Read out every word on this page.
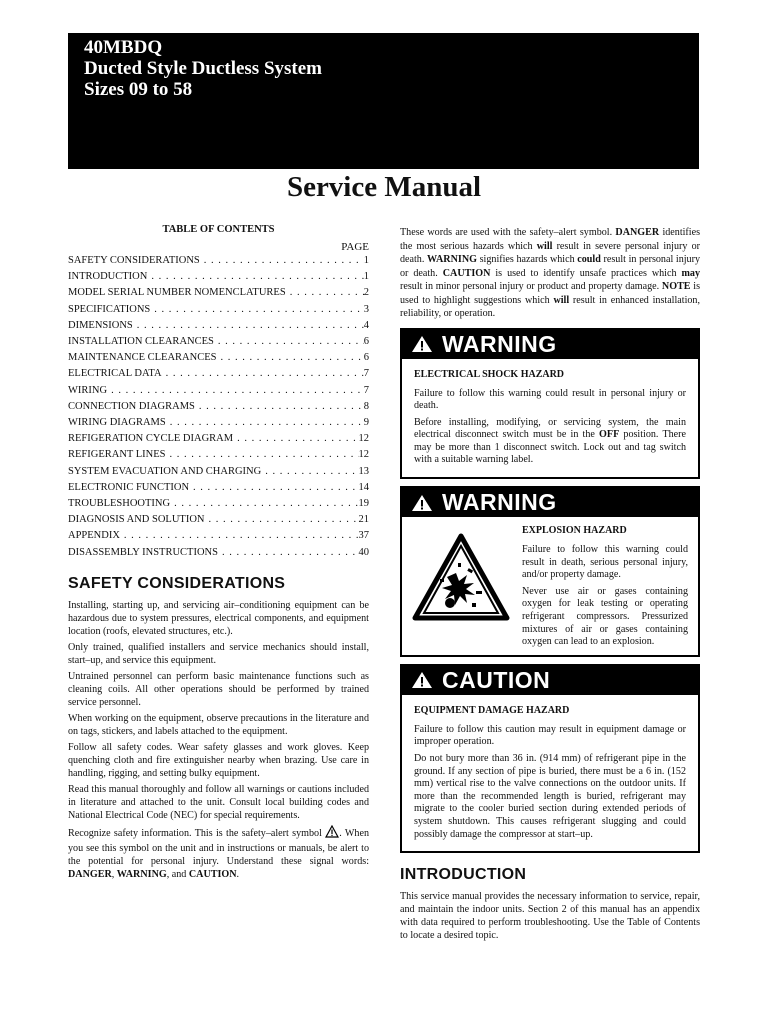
40MBDQ
Ducted Style Ductless System
Sizes 09 to 58
Service Manual
TABLE OF CONTENTS
PAGE
SAFETY CONSIDERATIONS . . .	1
INTRODUCTION . . .	1
MODEL SERIAL NUMBER NOMENCLATURES . . .	2
SPECIFICATIONS . . .	3
DIMENSIONS . . .	4
INSTALLATION CLEARANCES . . .	6
MAINTENANCE CLEARANCES . . .	6
ELECTRICAL DATA . . .	7
WIRING . . .	7
CONNECTION DIAGRAMS . . .	8
WIRING DIAGRAMS . . .	9
REFIGERATION CYCLE DIAGRAM . . .	12
REFIGERANT LINES . . .	12
SYSTEM EVACUATION AND CHARGING . . .	13
ELECTRONIC FUNCTION . . .	14
TROUBLESHOOTING . . .	19
DIAGNOSIS AND SOLUTION . . .	21
APPENDIX . . .	37
DISASSEMBLY INSTRUCTIONS . . .	40
SAFETY CONSIDERATIONS

Installing, starting up, and servicing air–conditioning equipment can be hazardous due to system pressures, electrical components, and equipment location (roofs, elevated structures, etc.).

Only trained, qualified installers and service mechanics should install, start–up, and service this equipment.

Untrained personnel can perform basic maintenance functions such as cleaning coils. All other operations should be performed by trained service personnel.

When working on the equipment, observe precautions in the literature and on tags, stickers, and labels attached to the equipment.

Follow all safety codes. Wear safety glasses and work gloves. Keep quenching cloth and fire extinguisher nearby when brazing. Use care in handling, rigging, and setting bulky equipment.

Read this manual thoroughly and follow all warnings or cautions included in literature and attached to the unit. Consult local building codes and National Electrical Code (NEC) for special requirements.

Recognize safety information. This is the safety–alert symbol . When you see this symbol on the unit and in instructions or manuals, be alert to the potential for personal injury. Understand these signal words: DANGER, WARNING, and CAUTION.

These words are used with the safety–alert symbol. DANGER identifies the most serious hazards which will result in severe personal injury or death. WARNING signifies hazards which could result in personal injury or death. CAUTION is used to identify unsafe practices which may result in minor personal injury or product and property damage. NOTE is used to highlight suggestions which will result in enhanced installation, reliability, or operation.
WARNING
ELECTRICAL SHOCK HAZARD

Failure to follow this warning could result in personal injury or death.

Before installing, modifying, or servicing system, the main electrical disconnect switch must be in the OFF position. There may be more than 1 disconnect switch. Lock out and tag switch with a suitable warning label.

WARNING
EXPLOSION HAZARD

Failure to follow this warning could result in death, serious personal injury, and/or property damage.

Never use air or gases containing oxygen for leak testing or operating refrigerant compressors. Pressurized mixtures of air or gases containing oxygen can lead to an explosion.

CAUTION
EQUIPMENT DAMAGE HAZARD

Failure to follow this caution may result in equipment damage or improper operation.

Do not bury more than 36 in. (914 mm) of refrigerant pipe in the ground. If any section of pipe is buried, there must be a 6 in. (152 mm) vertical rise to the valve connections on the outdoor units. If more than the recommended length is buried, refrigerant may migrate to the cooler buried section during extended periods of system shutdown. This causes refrigerant slugging and could possibly damage the compressor at start–up.

INTRODUCTION

This service manual provides the necessary information to service, repair, and maintain the indoor units. Section 2 of this manual has an appendix with data required to perform troubleshooting. Use the Table of Contents to locate a desired topic.
